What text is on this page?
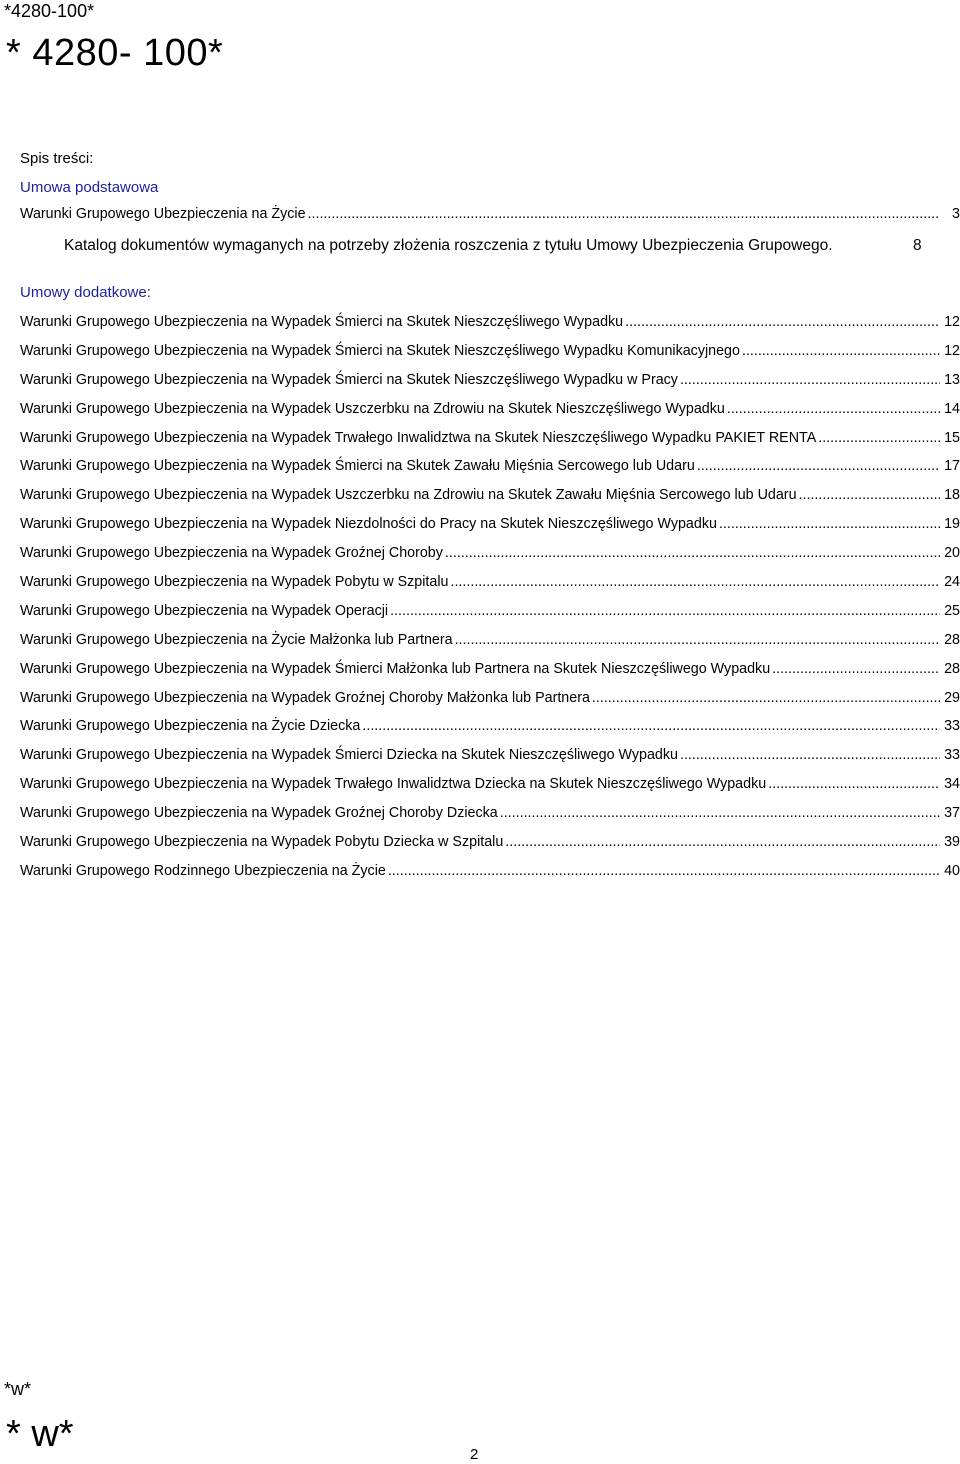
*4280-100*
* 4280- 100*
Spis treści:
Umowa podstawowa
Warunki Grupowego Ubezpieczenia na Życie .....	3
Katalog dokumentów wymaganych na potrzeby złożenia roszczenia z tytułu Umowy Ubezpieczenia Grupowego.	8
Umowy dodatkowe:
Warunki Grupowego Ubezpieczenia na Wypadek Śmierci na Skutek Nieszczęśliwego Wypadku .....	12
Warunki Grupowego Ubezpieczenia na Wypadek Śmierci na Skutek Nieszczęśliwego Wypadku Komunikacyjnego .....	12
Warunki Grupowego Ubezpieczenia na Wypadek Śmierci na Skutek Nieszczęśliwego Wypadku w Pracy .....	13
Warunki Grupowego Ubezpieczenia na Wypadek Uszczerbku na Zdrowiu na Skutek Nieszczęśliwego Wypadku .....	14
Warunki Grupowego Ubezpieczenia na Wypadek Trwałego Inwalidztwa na Skutek Nieszczęśliwego Wypadku PAKIET RENTA .....	15
Warunki Grupowego Ubezpieczenia na Wypadek Śmierci na Skutek Zawału Mięśnia Sercowego lub Udaru .....	17
Warunki Grupowego Ubezpieczenia na Wypadek Uszczerbku na Zdrowiu na Skutek Zawału Mięśnia Sercowego lub Udaru .....	18
Warunki Grupowego Ubezpieczenia na Wypadek Niezdolności do Pracy na Skutek Nieszczęśliwego Wypadku .....	19
Warunki Grupowego Ubezpieczenia na Wypadek Groźnej Choroby .....	20
Warunki Grupowego Ubezpieczenia na Wypadek Pobytu w Szpitalu .....	24
Warunki Grupowego Ubezpieczenia na Wypadek Operacji .....	25
Warunki Grupowego Ubezpieczenia na Życie Małżonka lub Partnera .....	28
Warunki Grupowego Ubezpieczenia na Wypadek Śmierci Małżonka lub Partnera na Skutek Nieszczęśliwego Wypadku .....	28
Warunki Grupowego Ubezpieczenia na Wypadek Groźnej Choroby Małżonka lub Partnera .....	29
Warunki Grupowego Ubezpieczenia na Życie Dziecka .....	33
Warunki Grupowego Ubezpieczenia na Wypadek Śmierci Dziecka na Skutek Nieszczęśliwego Wypadku .....	33
Warunki Grupowego Ubezpieczenia na Wypadek Trwałego Inwalidztwa Dziecka na Skutek Nieszczęśliwego Wypadku .....	34
Warunki Grupowego Ubezpieczenia na Wypadek Groźnej Choroby Dziecka .....	37
Warunki Grupowego Ubezpieczenia na Wypadek Pobytu Dziecka w Szpitalu .....	39
Warunki Grupowego Rodzinnego Ubezpieczenia na Życie .....	40
*w*
* w*	2
